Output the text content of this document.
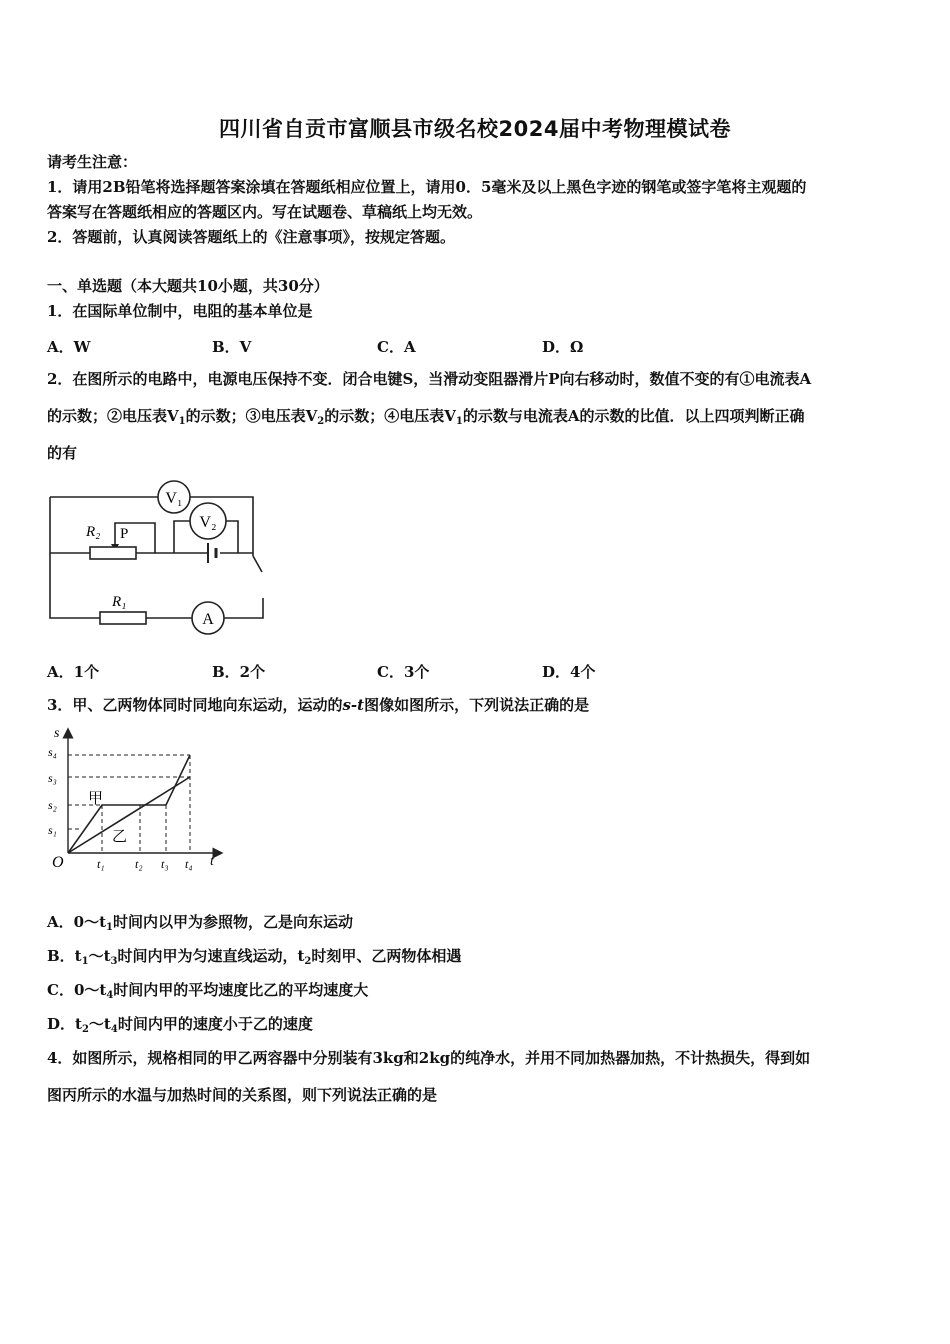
四川省自贡市富顺县市级名校2024届中考物理模试卷
请考生注意：
1．请用2B铅笔将选择题答案涂填在答题纸相应位置上，请用0．5毫米及以上黑色字迹的钢笔或签字笔将主观题的
答案写在答题纸相应的答题区内。写在试题卷、草稿纸上均无效。
2．答题前，认真阅读答题纸上的《注意事项》，按规定答题。
一、单选题（本大题共10小题，共30分）
1．在国际单位制中，电阻的基本单位是
A．W	B．V	C．A	D．Ω
2．在图所示的电路中，电源电压保持不变．闭合电键S，当滑动变阻器滑片P向右移动时，数值不变的有①电流表A
的示数；②电压表$V_1$的示数；③电压表$V_2$的示数；④电压表$V_1$的示数与电流表A的示数的比值．以上四项判断正确
的有
V₁
V₂
A
R₂ P
R₁
A．1个	B．2个	C．3个	D．4个
3．甲、乙两物体同时同地向东运动，运动的s-t图像如图所示，下列说法正确的是
s
t
O
s₄
s₃
s₂
s₁
t₁	t₂ t₃ t₄
甲
乙
A．$0\sim t_1$时间内以甲为参照物，乙是向东运动
B．$t_1\sim t_3$时间内甲为匀速直线运动，$t_2$时刻甲、乙两物体相遇
C．$0\sim t_4$时间内甲的平均速度比乙的平均速度大
D．$t_2\sim t_4$时间内甲的速度小于乙的速度
4．如图所示，规格相同的甲乙两容器中分别装有3kg和2kg的纯净水，并用不同加热器加热，不计热损失，得到如
图丙所示的水温与加热时间的关系图，则下列说法正确的是
